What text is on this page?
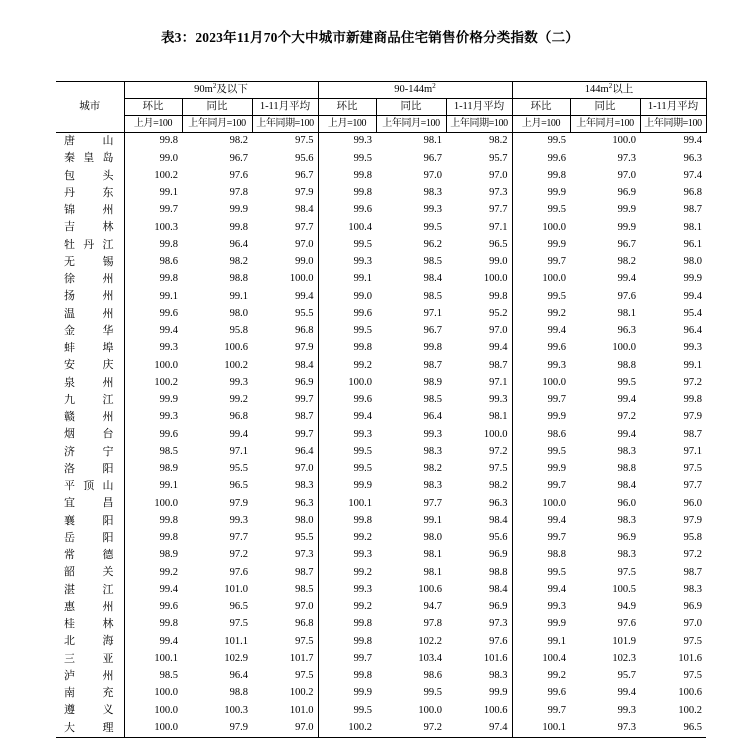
表3：2023年11月70个大中城市新建商品住宅销售价格分类指数（二）
城市	$90m^2$及以下			$90-144m^2$			$144m^2$以上		
	环比	同比	1-11月平均	环比	同比	1-11月平均	环比	同比	1-11月平均
	上月=100	上年同月=100	上年同期=100	上月=100	上年同月=100	上年同期=100	上月=100	上年同月=100	上年同期=100
唐山	99.8	98.2	97.5	99.3	98.1	98.2	99.5	100.0	99.4
秦皇岛	99.0	96.7	95.6	99.5	96.7	95.7	99.6	97.3	96.3
包头	100.2	97.6	96.7	99.8	97.0	97.0	99.8	97.0	97.4
丹东	99.1	97.8	97.9	99.8	98.3	97.3	99.9	96.9	96.8
锦州	99.7	99.9	98.4	99.6	99.3	97.7	99.5	99.9	98.7
吉林	100.3	99.8	97.7	100.4	99.5	97.1	100.0	99.9	98.1
牡丹江	99.8	96.4	97.0	99.5	96.2	96.5	99.9	96.7	96.1
无锡	98.6	98.2	99.0	99.3	98.5	99.0	99.7	98.2	98.0
徐州	99.8	98.8	100.0	99.1	98.4	100.0	100.0	99.4	99.9
扬州	99.1	99.1	99.4	99.0	98.5	99.8	99.5	97.6	99.4
温州	99.6	98.0	95.5	99.6	97.1	95.2	99.2	98.1	95.4
金华	99.4	95.8	96.8	99.5	96.7	97.0	99.4	96.3	96.4
蚌埠	99.3	100.6	97.9	99.8	99.8	99.4	99.6	100.0	99.3
安庆	100.0	100.2	98.4	99.2	98.7	98.7	99.3	98.8	99.1
泉州	100.2	99.3	96.9	100.0	98.9	97.1	100.0	99.5	97.2
九江	99.9	99.2	99.7	99.6	98.5	99.3	99.7	99.4	99.8
赣州	99.3	96.8	98.7	99.4	96.4	98.1	99.9	97.2	97.9
烟台	99.6	99.4	99.7	99.3	99.3	100.0	98.6	99.4	98.7
济宁	98.5	97.1	96.4	99.5	98.3	97.2	99.5	98.3	97.1
洛阳	98.9	95.5	97.0	99.5	98.2	97.5	99.9	98.8	97.5
平顶山	99.1	96.5	98.3	99.9	98.3	98.2	99.7	98.4	97.7
宜昌	100.0	97.9	96.3	100.1	97.7	96.3	100.0	96.0	96.0
襄阳	99.8	99.3	98.0	99.8	99.1	98.4	99.4	98.3	97.9
岳阳	99.8	97.7	95.5	99.2	98.0	95.6	99.7	96.9	95.8
常德	98.9	97.2	97.3	99.3	98.1	96.9	98.8	98.3	97.2
韶关	99.2	97.6	98.7	99.2	98.1	98.8	99.5	97.5	98.7
湛江	99.4	101.0	98.5	99.3	100.6	98.4	99.4	100.5	98.3
惠州	99.6	96.5	97.0	99.2	94.7	96.9	99.3	94.9	96.9
桂林	99.8	97.5	96.8	99.8	97.8	97.3	99.9	97.6	97.0
北海	99.4	101.1	97.5	99.8	102.2	97.6	99.1	101.9	97.5
三亚	100.1	102.9	101.7	99.7	103.4	101.6	100.4	102.3	101.6
泸州	98.5	96.4	97.5	99.8	98.6	98.3	99.2	95.7	97.5
南充	100.0	98.8	100.2	99.9	99.5	99.9	99.6	99.4	100.6
遵义	100.0	100.3	101.0	99.5	100.0	100.6	99.7	99.3	100.2
大理	100.0	97.9	97.0	100.2	97.2	97.4	100.1	97.3	96.5
